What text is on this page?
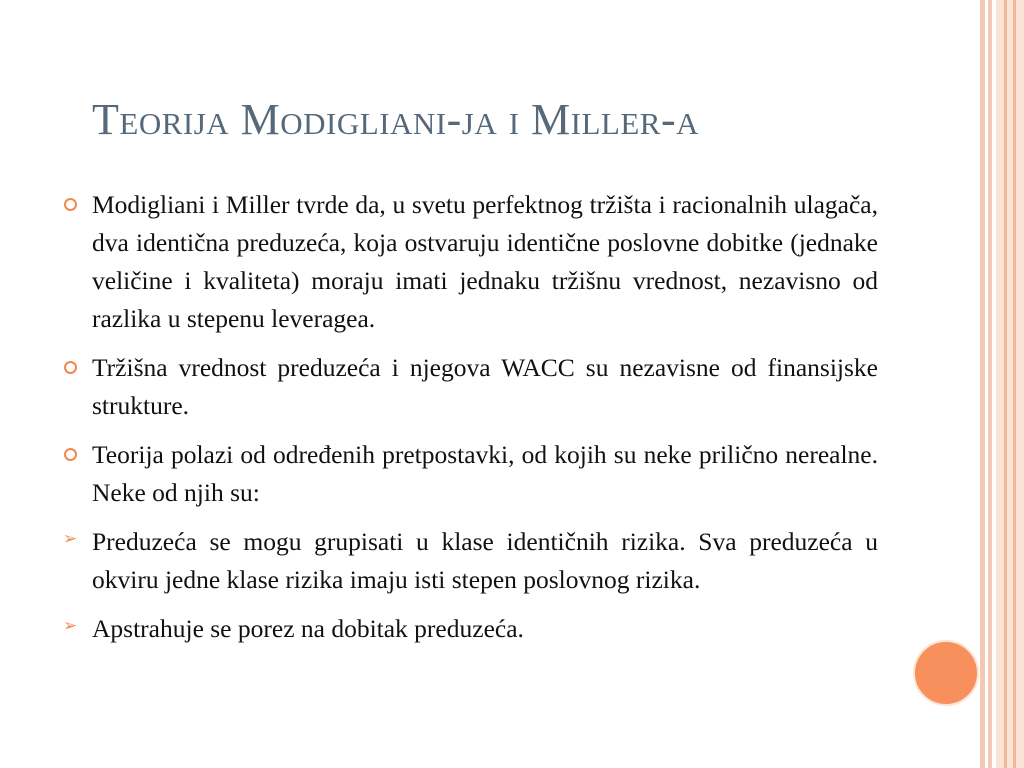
Teorija Modigliani-ja i Miller-a

Modigliani i Miller tvrde da, u svetu perfektnog tržišta i racionalnih ulagača, dva identična preduzeća, koja ostvaruju identične poslovne dobitke (jednake veličine i kvaliteta) moraju imati jednaku tržišnu vrednost, nezavisno od razlika u stepenu leveragea.

Tržišna vrednost preduzeća i njegova WACC su nezavisne od finansijske strukture.

Teorija polazi od određenih pretpostavki, od kojih su neke prilično nerealne. Neke od njih su:

➢ Preduzeća se mogu grupisati u klase identičnih rizika. Sva preduzeća u okviru jedne klase rizika imaju isti stepen poslovnog rizika.

➢ Apstrahuje se porez na dobitak preduzeća.
